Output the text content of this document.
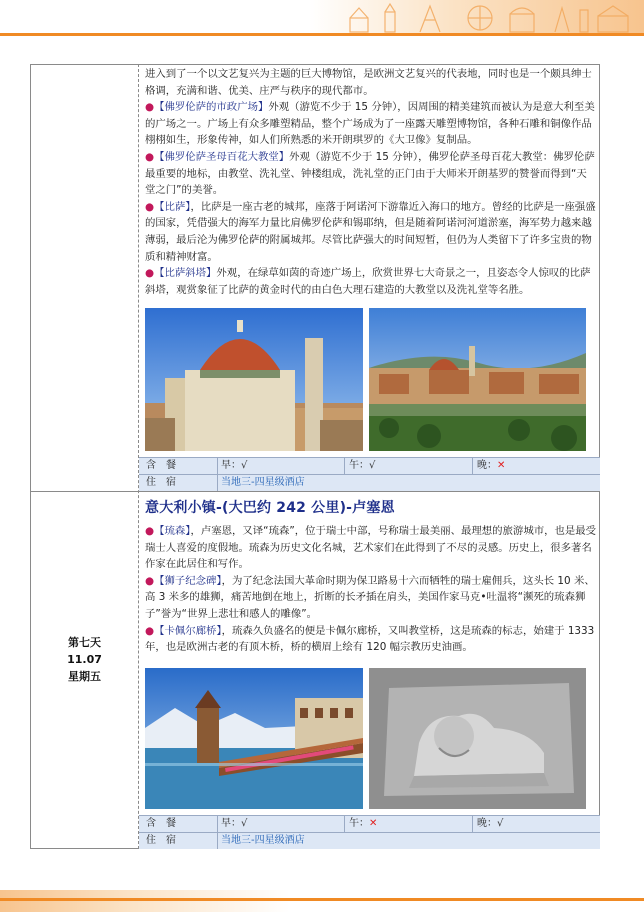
进入到了一个以文艺复兴为主题的巨大博物馆，是欧洲文艺复兴的代表地，同时也是一个颇具绅士格调，充满和谐、优美、庄严与秩序的现代都市。

●【佛罗伦萨的市政广场】外观（游览不少于 15 分钟），因周围的精美建筑而被认为是意大利至美的广场之一。广场上有众多雕塑精品，整个广场成为了一座露天雕塑博物馆，各种石雕和铜像作品栩栩如生，形象传神，如人们所熟悉的米开朗琪罗的《大卫像》复制品。

●【佛罗伦萨圣母百花大教堂】外观（游览不少于 15 分钟），佛罗伦萨圣母百花大教堂：佛罗伦萨最重要的地标，由教堂、洗礼堂、钟楼组成，洗礼堂的正门由于大师米开朗基罗的赞誉而得到“天堂之门”的美誉。

●【比萨】，比萨是一座古老的城邦，座落于阿诺河下游靠近入海口的地方。曾经的比萨是一座强盛的国家，凭借强大的海军力量比肩佛罗伦萨和锡耶纳，但是随着阿诺河河道淤塞，海军势力越来越薄弱，最后沦为佛罗伦萨的附属城邦。尽管比萨强大的时间短暂，但仍为人类留下了许多宝贵的物质和精神财富。

●【比萨斜塔】外观，在绿草如茵的奇迹广场上，欣赏世界七大奇景之一，且姿态令人惊叹的比萨斜塔，观赏象征了比萨的黄金时代的由白色大理石建造的大教堂以及洗礼堂等名胜。

含　餐	早：√	午：√	晚：✕
住　宿	当地三-四星级酒店
第七天
11.07
星期五
意大利小镇-(大巴约 242 公里)-卢塞恩

●【琉森】，卢塞恩，又译“琉森”，位于瑞士中部，号称瑞士最美丽、最理想的旅游城市，也是最受瑞士人喜爱的度假地。琉森为历史文化名城，艺术家们在此得到了不尽的灵感。历史上，很多著名作家在此居住和写作。

●【狮子纪念碑】，为了纪念法国大革命时期为保卫路易十六而牺牲的瑞士雇佣兵，这头长 10 米、高 3 米多的雄狮，痛苦地倒在地上，折断的长矛插在肩头，美国作家马克•吐温将“濒死的琉森狮子”誉为“世界上悲壮和感人的雕像”。

●【卡佩尔廊桥】，琉森久负盛名的便是卡佩尔廊桥，又叫教堂桥，这是琉森的标志，始建于 1333 年，也是欧洲古老的有顶木桥，桥的横眉上绘有 120 幅宗教历史油画。

含　餐	早：√	午：✕	晚：√
住　宿	当地三-四星级酒店
